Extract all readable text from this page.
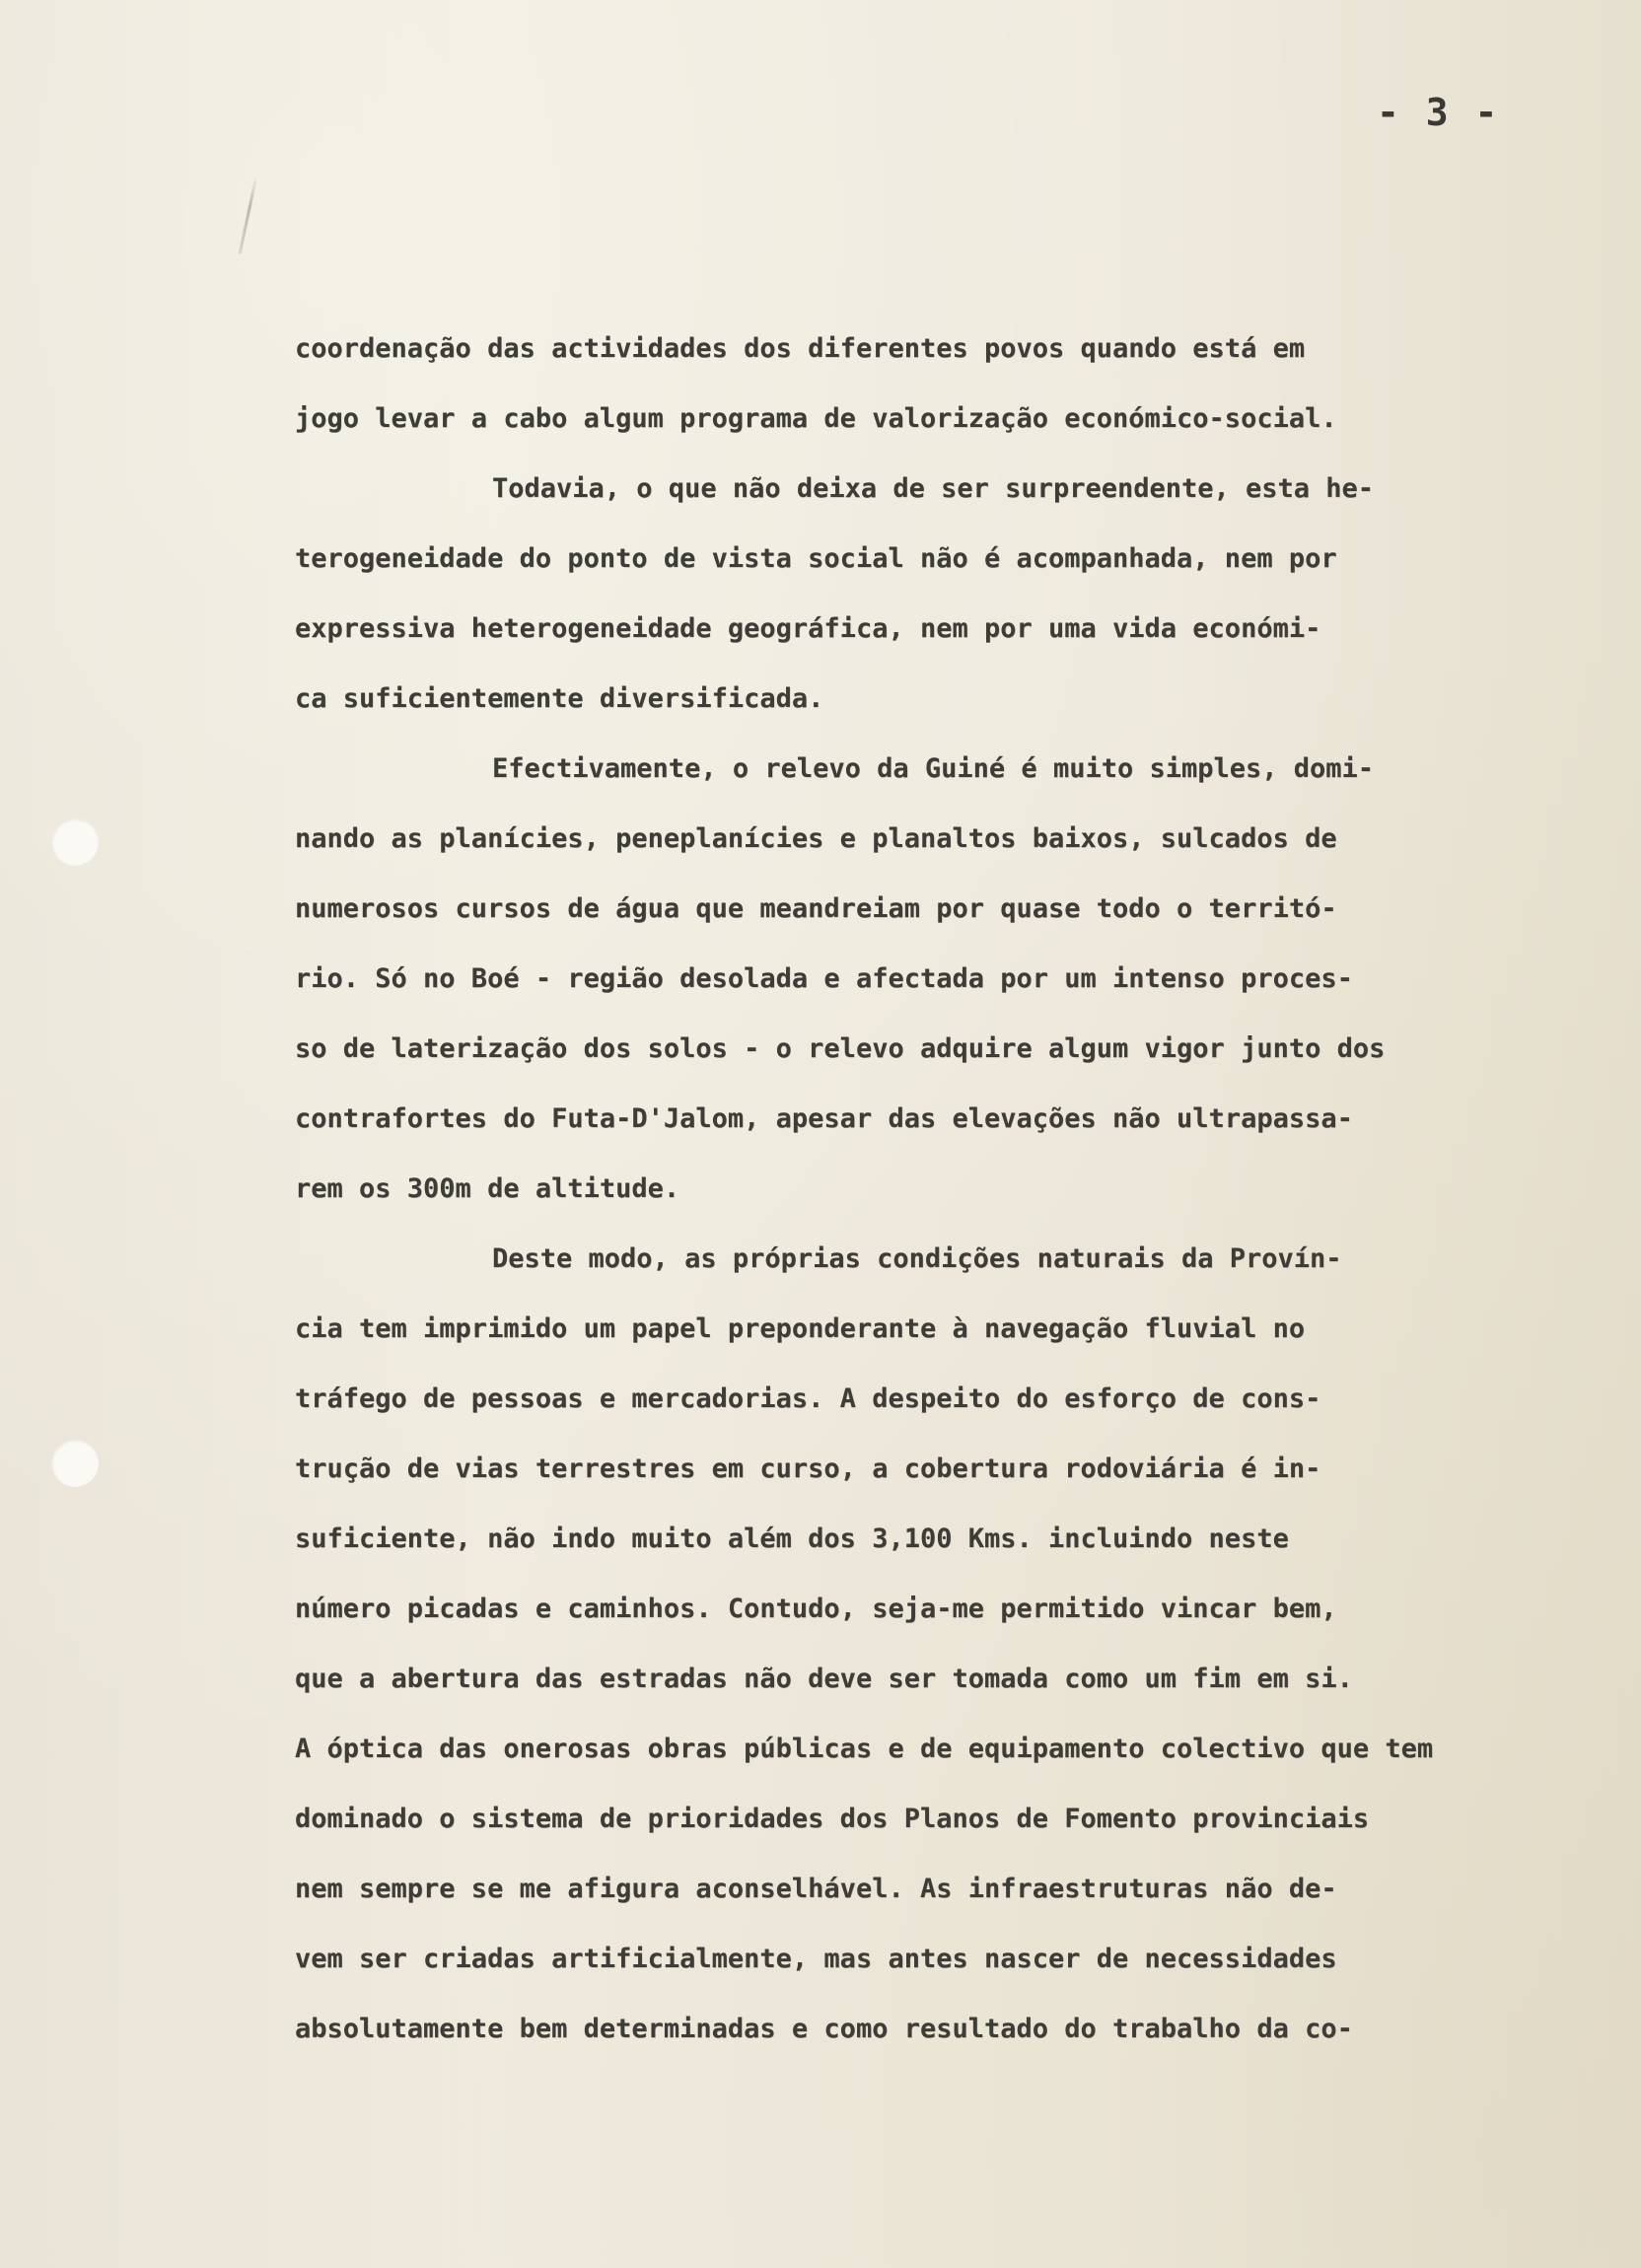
- 3 -
coordenação das actividades dos diferentes povos quando está em
jogo levar a cabo algum programa de valorização económico-social.
Todavia, o que não deixa de ser surpreendente, esta he-
terogeneidade do ponto de vista social não é acompanhada, nem por
expressiva heterogeneidade geográfica, nem por uma vida económi-
ca suficientemente diversificada.
Efectivamente, o relevo da Guiné é muito simples, domi-
nando as planícies, peneplanícies e planaltos baixos, sulcados de
numerosos cursos de água que meandreiam por quase todo o territó-
rio. Só no Boé - região desolada e afectada por um intenso proces-
so de laterização dos solos - o relevo adquire algum vigor junto dos
contrafortes do Futa-D'Jalom, apesar das elevações não ultrapassa-
rem os 300m de altitude.
Deste modo, as próprias condições naturais da Provín-
cia tem imprimido um papel preponderante à navegação fluvial no
tráfego de pessoas e mercadorias. A despeito do esforço de cons-
trução de vias terrestres em curso, a cobertura rodoviária é in-
suficiente, não indo muito além dos 3,100 Kms. incluindo neste
número picadas e caminhos. Contudo, seja-me permitido vincar bem,
que a abertura das estradas não deve ser tomada como um fim em si.
A óptica das onerosas obras públicas e de equipamento colectivo que tem
dominado o sistema de prioridades dos Planos de Fomento provinciais
nem sempre se me afigura aconselhável. As infraestruturas não de-
vem ser criadas artificialmente, mas antes nascer de necessidades
absolutamente bem determinadas e como resultado do trabalho da co-
